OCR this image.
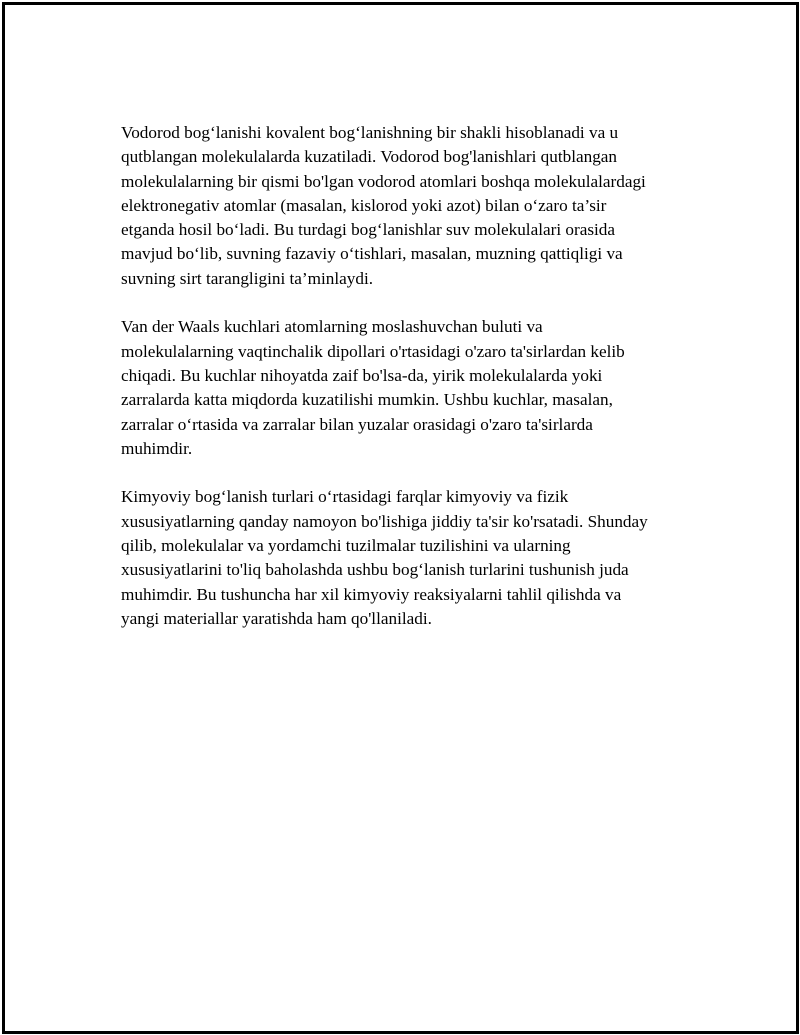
Vodorod bog‘lanishi kovalent bog‘lanishning bir shakli hisoblanadi va u
qutblangan molekulalarda kuzatiladi. Vodorod bog'lanishlari qutblangan
molekulalarning bir qismi bo'lgan vodorod atomlari boshqa molekulalardagi
elektronegativ atomlar (masalan, kislorod yoki azot) bilan o‘zaro ta’sir
etganda hosil bo‘ladi. Bu turdagi bog‘lanishlar suv molekulalari orasida
mavjud bo‘lib, suvning fazaviy o‘tishlari, masalan, muzning qattiqligi va
suvning sirt tarangligini ta’minlaydi.

Van der Waals kuchlari atomlarning moslashuvchan buluti va
molekulalarning vaqtinchalik dipollari o'rtasidagi o'zaro ta'sirlardan kelib
chiqadi. Bu kuchlar nihoyatda zaif bo'lsa-da, yirik molekulalarda yoki
zarralarda katta miqdorda kuzatilishi mumkin. Ushbu kuchlar, masalan,
zarralar o‘rtasida va zarralar bilan yuzalar orasidagi o'zaro ta'sirlarda
muhimdir.

Kimyoviy bog‘lanish turlari o‘rtasidagi farqlar kimyoviy va fizik
xususiyatlarning qanday namoyon bo'lishiga jiddiy ta'sir ko'rsatadi. Shunday
qilib, molekulalar va yordamchi tuzilmalar tuzilishini va ularning
xususiyatlarini to'liq baholashda ushbu bog‘lanish turlarini tushunish juda
muhimdir. Bu tushuncha har xil kimyoviy reaksiyalarni tahlil qilishda va
yangi materiallar yaratishda ham qo'llaniladi.
